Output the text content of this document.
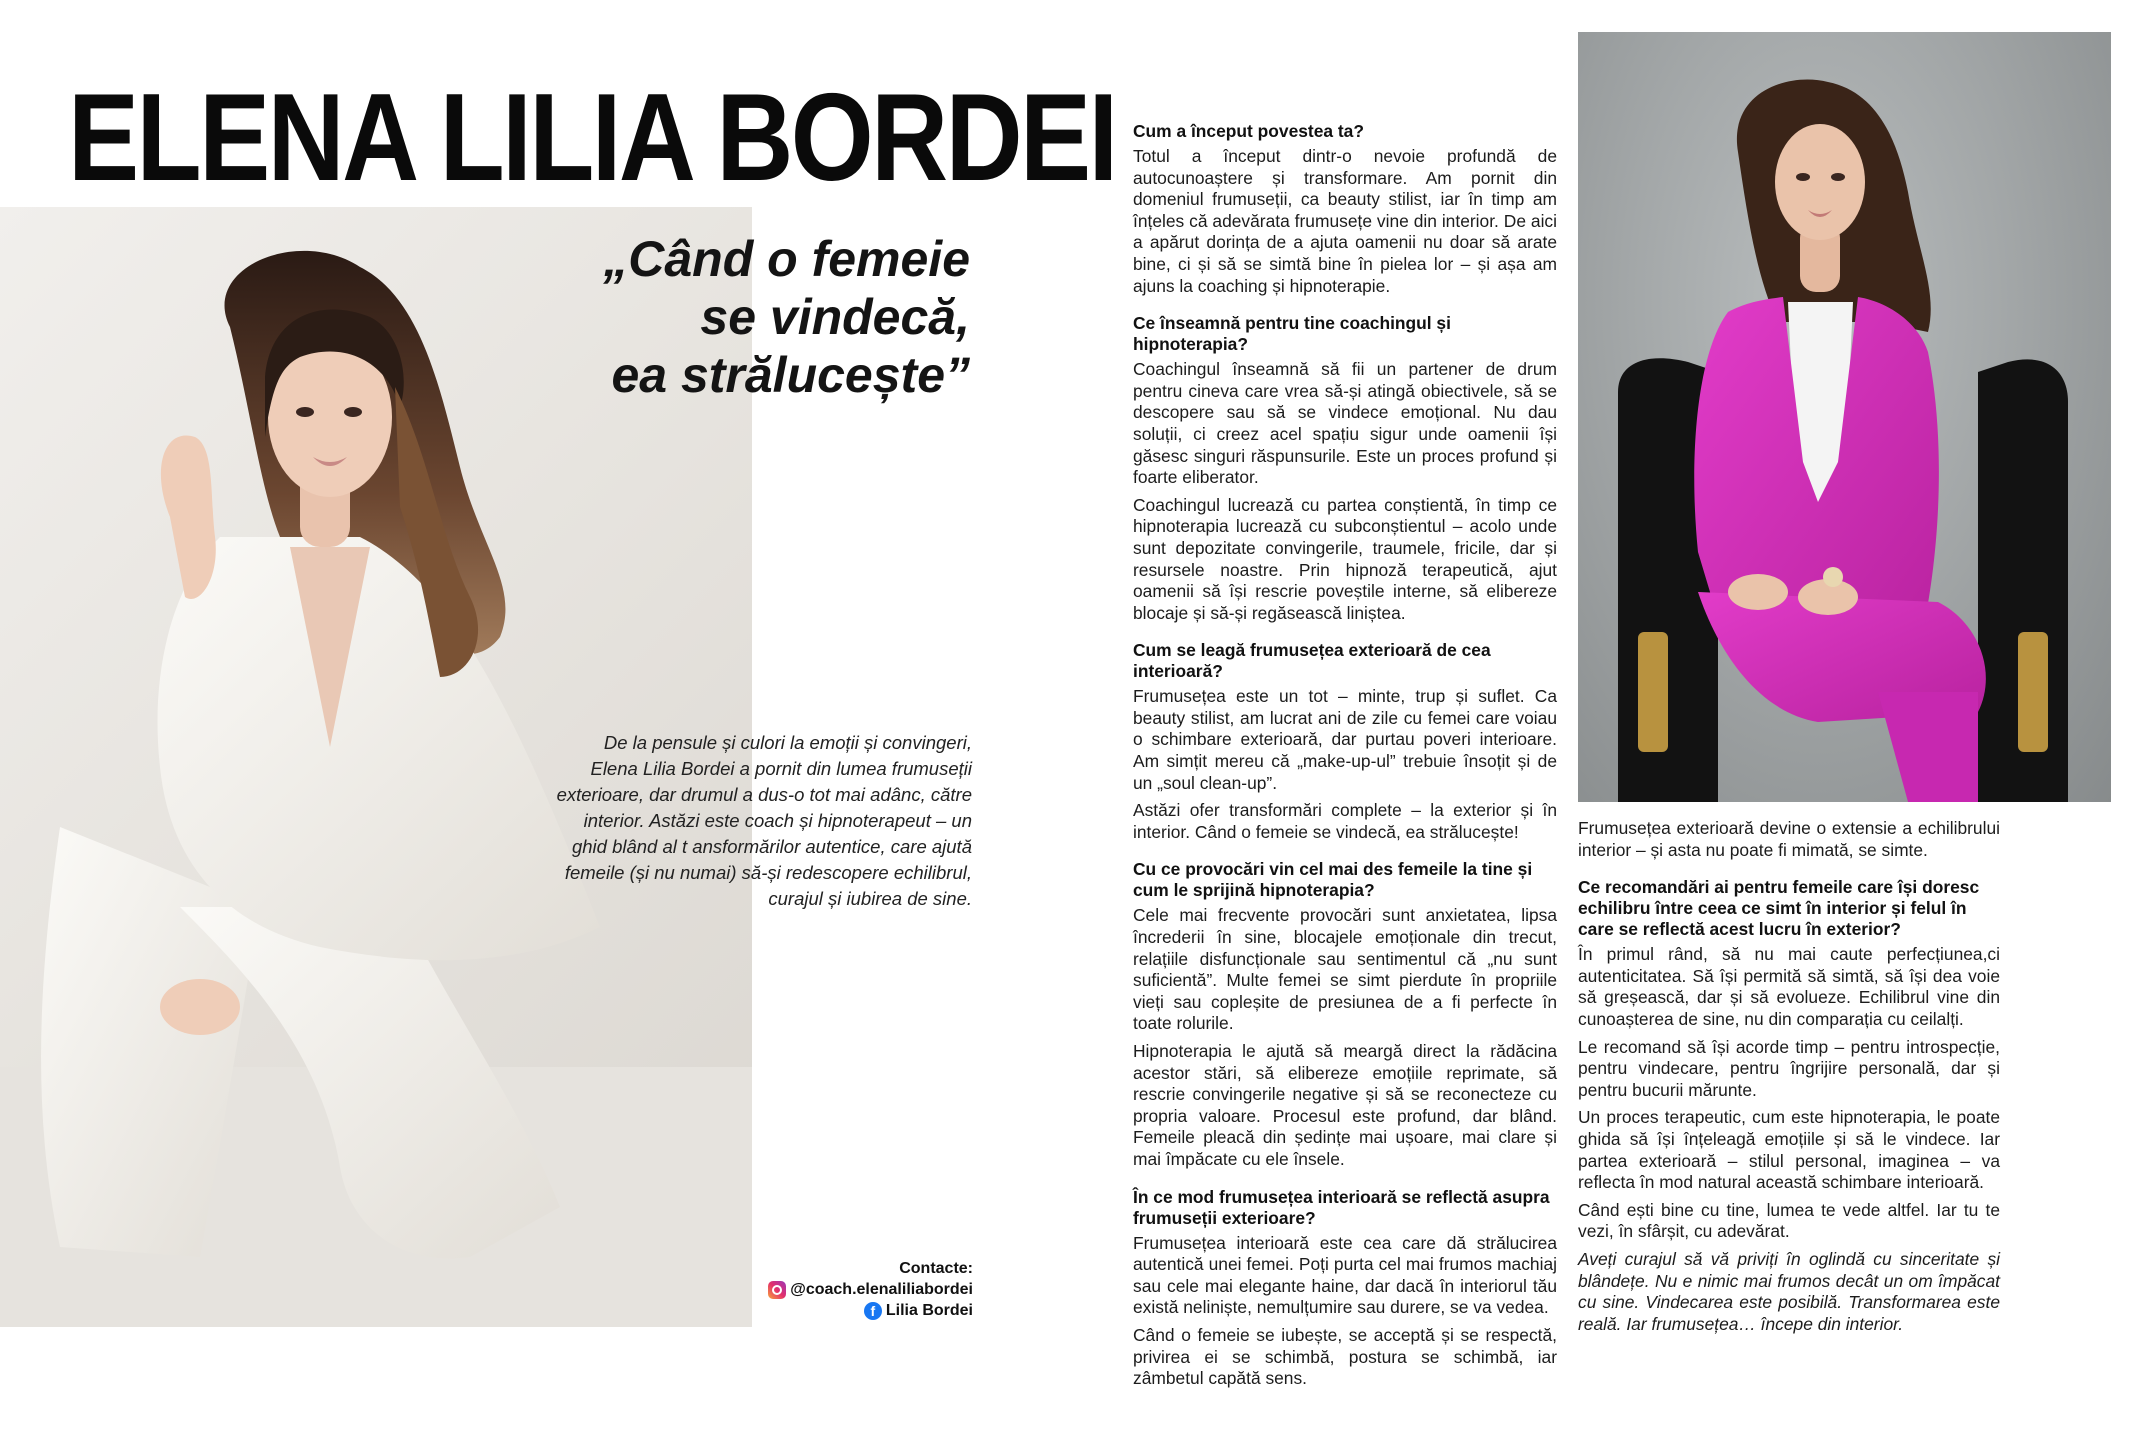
ELENA LILIA BORDEI
„Când o femeie
se vindecă,
ea strălucește”
De la pensule și culori la emoții și convingeri, Elena Lilia Bordei a pornit din lumea frumuseții exterioare, dar drumul a dus-o tot mai adânc, către interior. Astăzi este coach și hipnoterapeut – un ghid blând al t ansformărilor autentice, care ajută femeile (și nu numai) să-și redescopere echilibrul, curajul și iubirea de sine.
Contacte:
@coach.elenaliliabordei
f Lilia Bordei
Cum a început povestea ta?

Totul a început dintr-o nevoie profundă de autocunoaștere și transformare. Am pornit din domeniul frumuseții, ca beauty stilist, iar în timp am înțeles că adevărata frumusețe vine din interior. De aici a apărut dorința de a ajuta oamenii nu doar să arate bine, ci și să se simtă bine în pielea lor – și așa am ajuns la coaching și hipnoterapie.

Ce înseamnă pentru tine coachingul și hipnoterapia?

Coachingul înseamnă să fii un partener de drum pentru cineva care vrea să-și atingă obiectivele, să se descopere sau să se vindece emoțional. Nu dau soluții, ci creez acel spațiu sigur unde oamenii își găsesc singuri răspunsurile. Este un proces profund și foarte eliberator.

Coachingul lucrează cu partea conștientă, în timp ce hipnoterapia lucrează cu subconștientul – acolo unde sunt depozitate convingerile, traumele, fricile, dar și resursele noastre. Prin hipnoză terapeutică, ajut oamenii să își rescrie poveștile interne, să elibereze blocaje și să-și regăsească liniștea.

Cum se leagă frumusețea exterioară de cea interioară?

Frumusețea este un tot – minte, trup și suflet. Ca beauty stilist, am lucrat ani de zile cu femei care voiau o schimbare exterioară, dar purtau poveri interioare. Am simțit mereu că „make-up-ul” trebuie însoțit și de un „soul clean-up”.

Astăzi ofer transformări complete – la exterior și în interior. Când o femeie se vindecă, ea strălucește!

Cu ce provocări vin cel mai des femeile la tine și cum le sprijină hipnoterapia?

Cele mai frecvente provocări sunt anxietatea, lipsa încrederii în sine, blocajele emoționale din trecut, relațiile disfuncționale sau sentimentul că „nu sunt suficientă”. Multe femei se simt pierdute în propriile vieți sau copleșite de presiunea de a fi perfecte în toate rolurile.

Hipnoterapia le ajută să meargă direct la rădăcina acestor stări, să elibereze emoțiile reprimate, să rescrie convingerile negative și să se reconecteze cu propria valoare. Procesul este profund, dar blând. Femeile pleacă din ședințe mai ușoare, mai clare și mai împăcate cu ele însele.

În ce mod frumusețea interioară se reflectă asupra frumuseții exterioare?

Frumusețea interioară este cea care dă strălucirea autentică unei femei. Poți purta cel mai frumos machiaj sau cele mai elegante haine, dar dacă în interiorul tău există neliniște, nemulțumire sau durere, se va vedea.

Când o femeie se iubește, se acceptă și se respectă, privirea ei se schimbă, postura se schimbă, iar zâmbetul capătă sens.

Frumusețea exterioară devine o extensie a echilibrului interior – și asta nu poate fi mimată, se simte.

Ce recomandări ai pentru femeile care își doresc echilibru între ceea ce simt în interior și felul în care se reflectă acest lucru în exterior?

În primul rând, să nu mai caute perfecțiunea,ci autenticitatea. Să își permită să simtă, să își dea voie să greșească, dar și să evolueze. Echilibrul vine din cunoașterea de sine, nu din comparația cu ceilalți.

Le recomand să își acorde timp – pentru introspecție, pentru vindecare, pentru îngrijire personală, dar și pentru bucurii mărunte.

Un proces terapeutic, cum este hipnoterapia, le poate ghida să își înțeleagă emoțiile și să le vindece. Iar partea exterioară – stilul personal, imaginea – va reflecta în mod natural această schimbare interioară.

Când ești bine cu tine, lumea te vede altfel. Iar tu te vezi, în sfârșit, cu adevărat.

Aveți curajul să vă priviți în oglindă cu sinceritate și blândețe. Nu e nimic mai frumos decât un om împăcat cu sine. Vindecarea este posibilă. Transformarea este reală. Iar frumusețea… începe din interior.
